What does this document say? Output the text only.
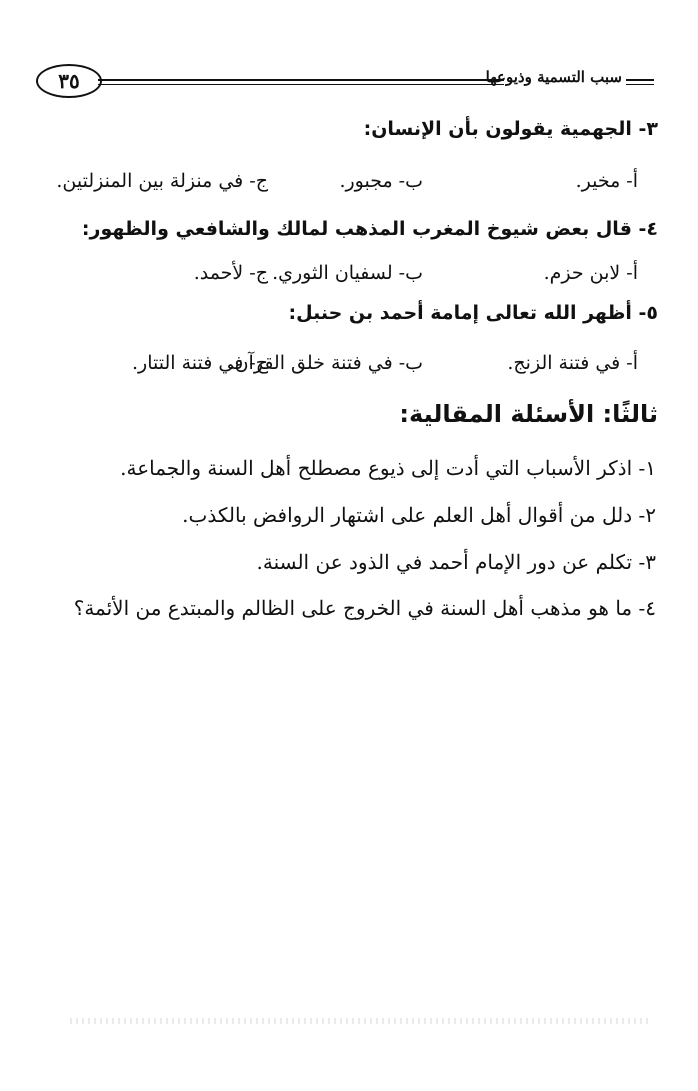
٣٥	سبب التسمية وذيوعها
٣- الجهمية يقولون بأن الإنسان:
أ- مخير.
ب- مجبور.
ج- في منزلة بين المنزلتين.
٤- قال بعض شيوخ المغرب المذهب لمالك والشافعي والظهور:
أ- لابن حزم.
ب- لسفيان الثوري.
ج- لأحمد.
٥- أظهر الله تعالى إمامة أحمد بن حنبل:
أ- في فتنة الزنج.
ب- في فتنة خلق القرآن.
ج- في فتنة التتار.
ثالثًا: الأسئلة المقالية:
١- اذكر الأسباب التي أدت إلى ذيوع مصطلح أهل السنة والجماعة.
٢- دلل من أقوال أهل العلم على اشتهار الروافض بالكذب.
٣- تكلم عن دور الإمام أحمد في الذود عن السنة.
٤- ما هو مذهب أهل السنة في الخروج على الظالم والمبتدع من الأئمة؟
